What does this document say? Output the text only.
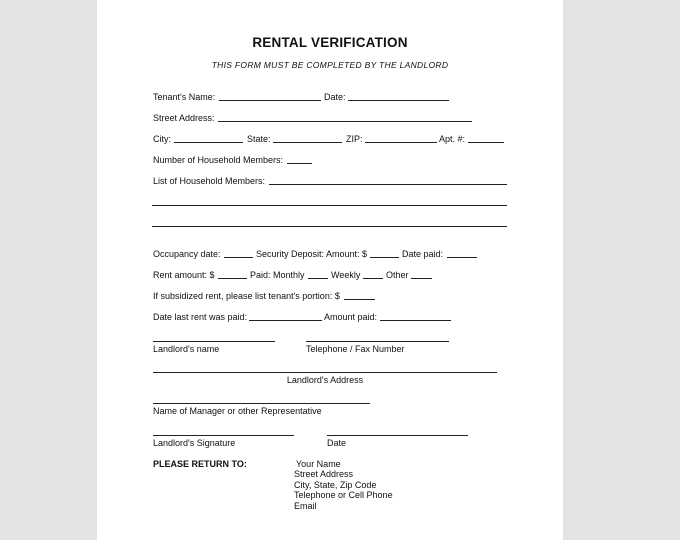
RENTAL VERIFICATION
THIS FORM MUST BE COMPLETED BY THE LANDLORD
Tenant's Name:	Date:
Street Address:
City:	State:	ZIP:	Apt. #:
Number of Household Members:
List of Household Members:
Occupancy date:	Security Deposit: Amount: $	Date paid:
Rent amount: $	Paid: Monthly	Weekly	Other
If subsidized rent, please list tenant's portion: $
Date last rent was paid:	Amount paid:
Landlord's name	Telephone / Fax Number
Landlord's Address
Name of Manager or other Representative
Landlord's Signature	Date
PLEASE RETURN TO:	Your Name
Street Address
City, State, Zip Code
Telephone or Cell Phone
Email
